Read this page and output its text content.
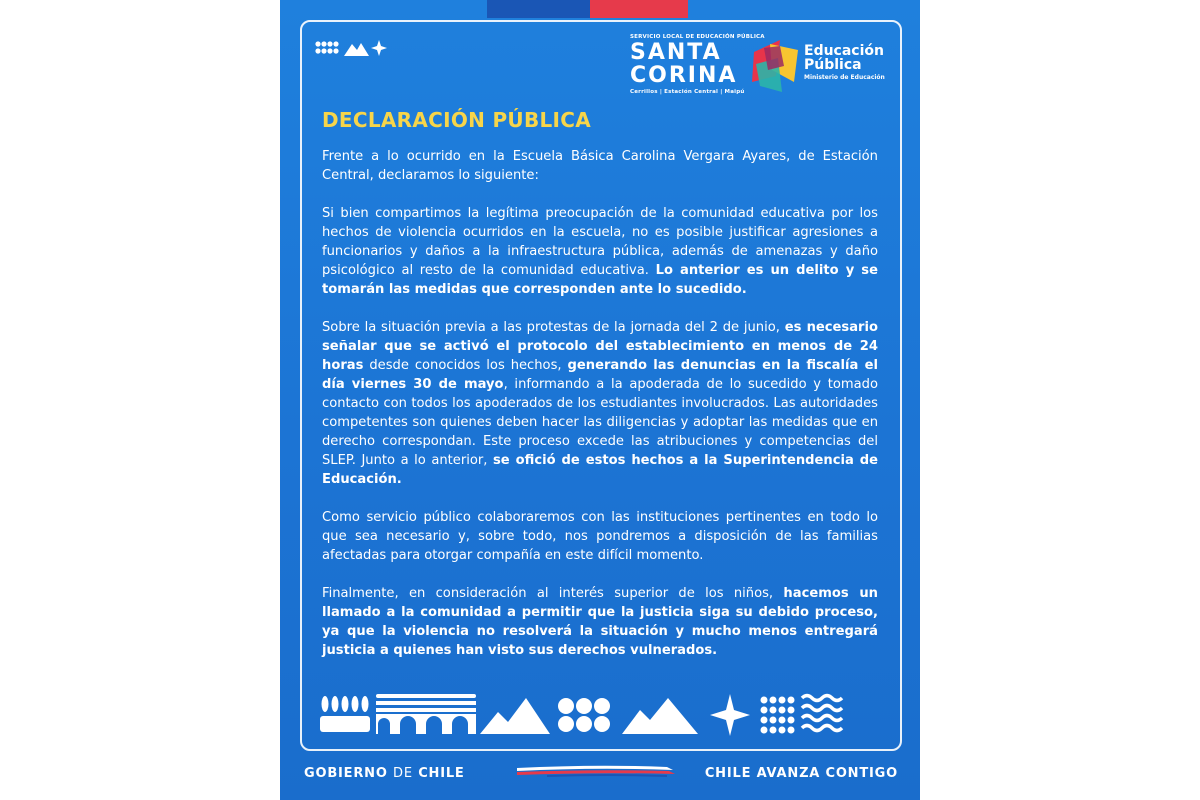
SERVICIO LOCAL DE EDUCACIÓN PÚBLICA
SANTA
CORINA
Cerrillos | Estación Central | Maipú
Educación
Pública
Ministerio de Educación
DECLARACIÓN PÚBLICA

Frente a lo ocurrido en la Escuela Básica Carolina Vergara Ayares, de Estación Central, declaramos lo siguiente:

Si bien compartimos la legítima preocupación de la comunidad educativa por los hechos de violencia ocurridos en la escuela, no es posible justificar agresiones a funcionarios y daños a la infraestructura pública, además de amenazas y daño psicológico al resto de la comunidad educativa. Lo anterior es un delito y se tomarán las medidas que corresponden ante lo sucedido.

Sobre la situación previa a las protestas de la jornada del 2 de junio, es necesario señalar que se activó el protocolo del establecimiento en menos de 24 horas desde conocidos los hechos, generando las denuncias en la fiscalía el día viernes 30 de mayo, informando a la apoderada de lo sucedido y tomado contacto con todos los apoderados de los estudiantes involucrados. Las autoridades competentes son quienes deben hacer las diligencias y adoptar las medidas que en derecho correspondan. Este proceso excede las atribuciones y competencias del SLEP. Junto a lo anterior, se ofició de estos hechos a la Superintendencia de Educación.

Como servicio público colaboraremos con las instituciones pertinentes en todo lo que sea necesario y, sobre todo, nos pondremos a disposición de las familias afectadas para otorgar compañía en este difícil momento.

Finalmente, en consideración al interés superior de los niños, hacemos un llamado a la comunidad a permitir que la justicia siga su debido proceso, ya que la violencia no resolverá la situación y mucho menos entregará justicia a quienes han visto sus derechos vulnerados.

GOBIERNO DE CHILE	CHILE AVANZA CONTIGO
